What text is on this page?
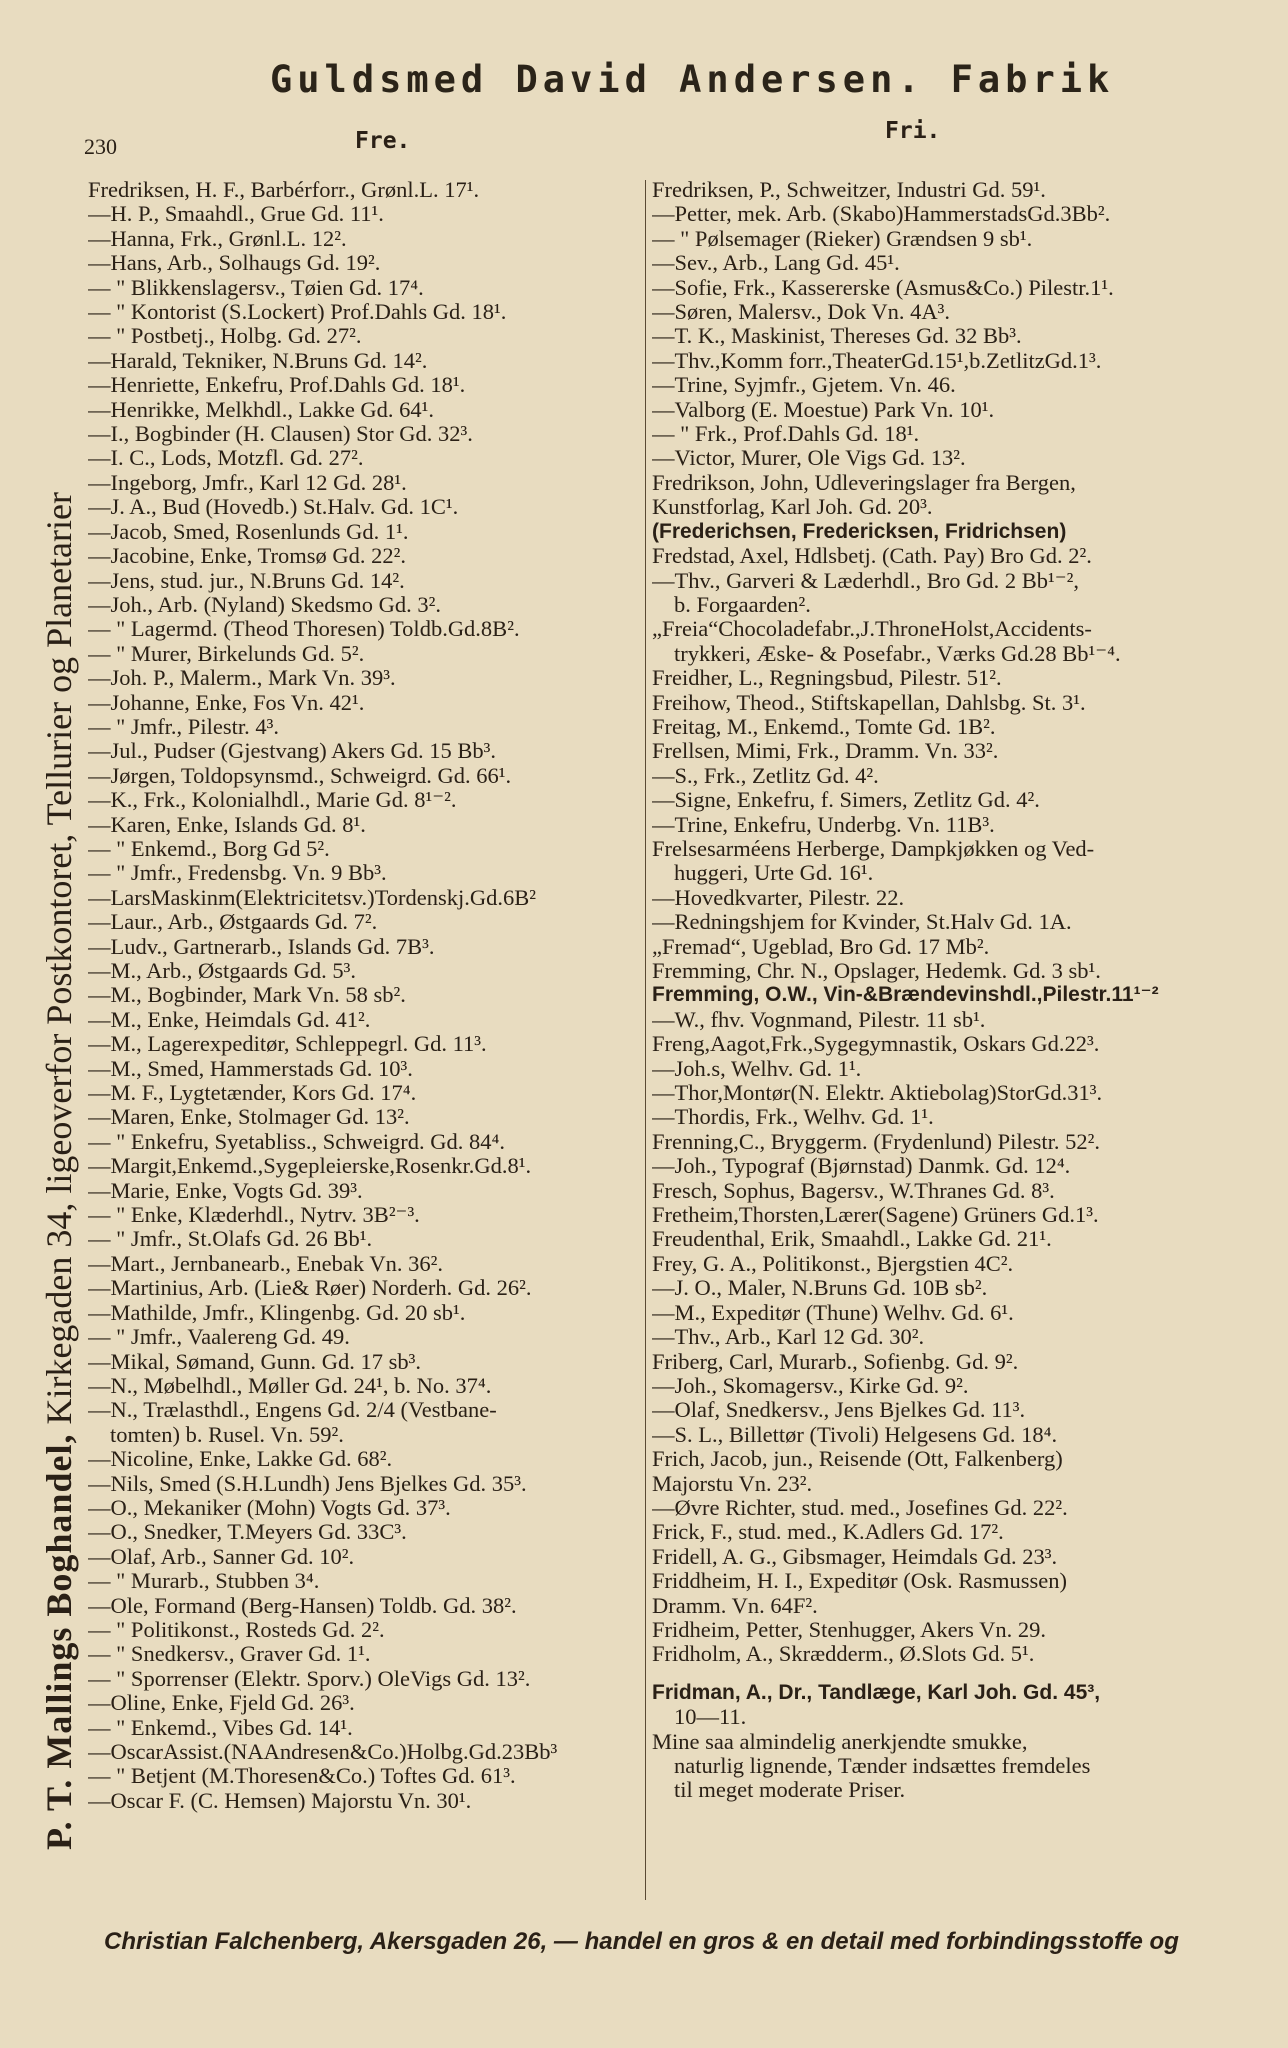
Guldsmed David Andersen. Fabrik
230	Fre.	Fri.
P. T. Mallings Boghandel, Kirkegaden 34, ligeoverfor Postkontoret, Tellurier og Planetarier
Fredriksen, H. F., Barbérforr., Grønl.L. 17¹.
—H. P., Smaahdl., Grue Gd. 11¹.
—Hanna, Frk., Grønl.L. 12².
—Hans, Arb., Solhaugs Gd. 19².
— " Blikkenslagersv., Tøien Gd. 17⁴.
— " Kontorist (S.Lockert) Prof.Dahls Gd. 18¹.
— " Postbetj., Holbg. Gd. 27².
—Harald, Tekniker, N.Bruns Gd. 14².
—Henriette, Enkefru, Prof.Dahls Gd. 18¹.
—Henrikke, Melkhdl., Lakke Gd. 64¹.
—I., Bogbinder (H. Clausen) Stor Gd. 32³.
—I. C., Lods, Motzfl. Gd. 27².
—Ingeborg, Jmfr., Karl 12 Gd. 28¹.
—J. A., Bud (Hovedb.) St.Halv. Gd. 1C¹.
—Jacob, Smed, Rosenlunds Gd. 1¹.
—Jacobine, Enke, Tromsø Gd. 22².
—Jens, stud. jur., N.Bruns Gd. 14².
—Joh., Arb. (Nyland) Skedsmo Gd. 3².
— " Lagermd. (Theod Thoresen) Toldb.Gd.8B².
— " Murer, Birkelunds Gd. 5².
—Joh. P., Malerm., Mark Vn. 39³.
—Johanne, Enke, Fos Vn. 42¹.
— " Jmfr., Pilestr. 4³.
—Jul., Pudser (Gjestvang) Akers Gd. 15 Bb³.
—Jørgen, Toldopsynsmd., Schweigrd. Gd. 66¹.
—K., Frk., Kolonialhdl., Marie Gd. 8¹⁻².
—Karen, Enke, Islands Gd. 8¹.
— " Enkemd., Borg Gd 5².
— " Jmfr., Fredensbg. Vn. 9 Bb³.
—LarsMaskinm(Elektricitetsv.)Tordenskj.Gd.6B²
—Laur., Arb., Østgaards Gd. 7².
—Ludv., Gartnerarb., Islands Gd. 7B³.
—M., Arb., Østgaards Gd. 5³.
—M., Bogbinder, Mark Vn. 58 sb².
—M., Enke, Heimdals Gd. 41².
—M., Lagerexpeditør, Schleppegrl. Gd. 11³.
—M., Smed, Hammerstads Gd. 10³.
—M. F., Lygtetænder, Kors Gd. 17⁴.
—Maren, Enke, Stolmager Gd. 13².
— " Enkefru, Syetabliss., Schweigrd. Gd. 84⁴.
—Margit,Enkemd.,Sygepleierske,Rosenkr.Gd.8¹.
—Marie, Enke, Vogts Gd. 39³.
— " Enke, Klæderhdl., Nytrv. 3B²⁻³.
— " Jmfr., St.Olafs Gd. 26 Bb¹.
—Mart., Jernbanearb., Enebak Vn. 36².
—Martinius, Arb. (Lie& Røer) Norderh. Gd. 26².
—Mathilde, Jmfr., Klingenbg. Gd. 20 sb¹.
— " Jmfr., Vaalereng Gd. 49.
—Mikal, Sømand, Gunn. Gd. 17 sb³.
—N., Møbelhdl., Møller Gd. 24¹, b. No. 37⁴.
—N., Trælasthdl., Engens Gd. 2/4 (Vestbane-
tomten) b. Rusel. Vn. 59².
—Nicoline, Enke, Lakke Gd. 68².
—Nils, Smed (S.H.Lundh) Jens Bjelkes Gd. 35³.
—O., Mekaniker (Mohn) Vogts Gd. 37³.
—O., Snedker, T.Meyers Gd. 33C³.
—Olaf, Arb., Sanner Gd. 10².
— " Murarb., Stubben 3⁴.
—Ole, Formand (Berg-Hansen) Toldb. Gd. 38².
— " Politikonst., Rosteds Gd. 2².
— " Snedkersv., Graver Gd. 1¹.
— " Sporrenser (Elektr. Sporv.) OleVigs Gd. 13².
—Oline, Enke, Fjeld Gd. 26³.
— " Enkemd., Vibes Gd. 14¹.
—OscarAssist.(NAAndresen&Co.)Holbg.Gd.23Bb³
— " Betjent (M.Thoresen&Co.) Toftes Gd. 61³.
—Oscar F. (C. Hemsen) Majorstu Vn. 30¹.
Fredriksen, P., Schweitzer, Industri Gd. 59¹.
—Petter, mek. Arb. (Skabo)HammerstadsGd.3Bb².
— " Pølsemager (Rieker) Grændsen 9 sb¹.
—Sev., Arb., Lang Gd. 45¹.
—Sofie, Frk., Kassererske (Asmus&Co.) Pilestr.1¹.
—Søren, Malersv., Dok Vn. 4A³.
—T. K., Maskinist, Thereses Gd. 32 Bb³.
—Thv.,Komm forr.,TheaterGd.15¹,b.ZetlitzGd.1³.
—Trine, Syjmfr., Gjetem. Vn. 46.
—Valborg (E. Moestue) Park Vn. 10¹.
— " Frk., Prof.Dahls Gd. 18¹.
—Victor, Murer, Ole Vigs Gd. 13².
Fredrikson, John, Udleveringslager fra Bergen,
Kunstforlag, Karl Joh. Gd. 20³.
(Frederichsen, Fredericksen, Fridrichsen)
Fredstad, Axel, Hdlsbetj. (Cath. Pay) Bro Gd. 2².
—Thv., Garveri & Læderhdl., Bro Gd. 2 Bb¹⁻²,
b. Forgaarden².
„Freia“Chocoladefabr.,J.ThroneHolst,Accidents-
trykkeri, Æske- & Posefabr., Værks Gd.28 Bb¹⁻⁴.
Freidher, L., Regningsbud, Pilestr. 51².
Freihow, Theod., Stiftskapellan, Dahlsbg. St. 3¹.
Freitag, M., Enkemd., Tomte Gd. 1B².
Frellsen, Mimi, Frk., Dramm. Vn. 33².
—S., Frk., Zetlitz Gd. 4².
—Signe, Enkefru, f. Simers, Zetlitz Gd. 4².
—Trine, Enkefru, Underbg. Vn. 11B³.
Frelsesarméens Herberge, Dampkjøkken og Ved-
huggeri, Urte Gd. 16¹.
—Hovedkvarter, Pilestr. 22.
—Redningshjem for Kvinder, St.Halv Gd. 1A.
„Fremad“, Ugeblad, Bro Gd. 17 Mb².
Fremming, Chr. N., Opslager, Hedemk. Gd. 3 sb¹.
Fremming, O.W., Vin-&Brændevinshdl.,Pilestr.11¹⁻²
—W., fhv. Vognmand, Pilestr. 11 sb¹.
Freng,Aagot,Frk.,Sygegymnastik, Oskars Gd.22³.
—Joh.s, Welhv. Gd. 1¹.
—Thor,Montør(N. Elektr. Aktiebolag)StorGd.31³.
—Thordis, Frk., Welhv. Gd. 1¹.
Frenning,C., Bryggerm. (Frydenlund) Pilestr. 52².
—Joh., Typograf (Bjørnstad) Danmk. Gd. 12⁴.
Fresch, Sophus, Bagersv., W.Thranes Gd. 8³.
Fretheim,Thorsten,Lærer(Sagene) Grüners Gd.1³.
Freudenthal, Erik, Smaahdl., Lakke Gd. 21¹.
Frey, G. A., Politikonst., Bjergstien 4C².
—J. O., Maler, N.Bruns Gd. 10B sb².
—M., Expeditør (Thune) Welhv. Gd. 6¹.
—Thv., Arb., Karl 12 Gd. 30².
Friberg, Carl, Murarb., Sofienbg. Gd. 9².
—Joh., Skomagersv., Kirke Gd. 9².
—Olaf, Snedkersv., Jens Bjelkes Gd. 11³.
—S. L., Billettør (Tivoli) Helgesens Gd. 18⁴.
Frich, Jacob, jun., Reisende (Ott, Falkenberg)
Majorstu Vn. 23².
—Øvre Richter, stud. med., Josefines Gd. 22².
Frick, F., stud. med., K.Adlers Gd. 17².
Fridell, A. G., Gibsmager, Heimdals Gd. 23³.
Friddheim, H. I., Expeditør (Osk. Rasmussen)
Dramm. Vn. 64F².
Fridheim, Petter, Stenhugger, Akers Vn. 29.
Fridholm, A., Skrædderm., Ø.Slots Gd. 5¹.
Fridman, A., Dr., Tandlæge, Karl Joh. Gd. 45³,
10—11.
Mine saa almindelig anerkjendte smukke,
naturlig lignende, Tænder indsættes fremdeles
til meget moderate Priser.
Christian Falchenberg, Akersgaden 26, — handel en gros & en detail med forbindingsstoffe og
